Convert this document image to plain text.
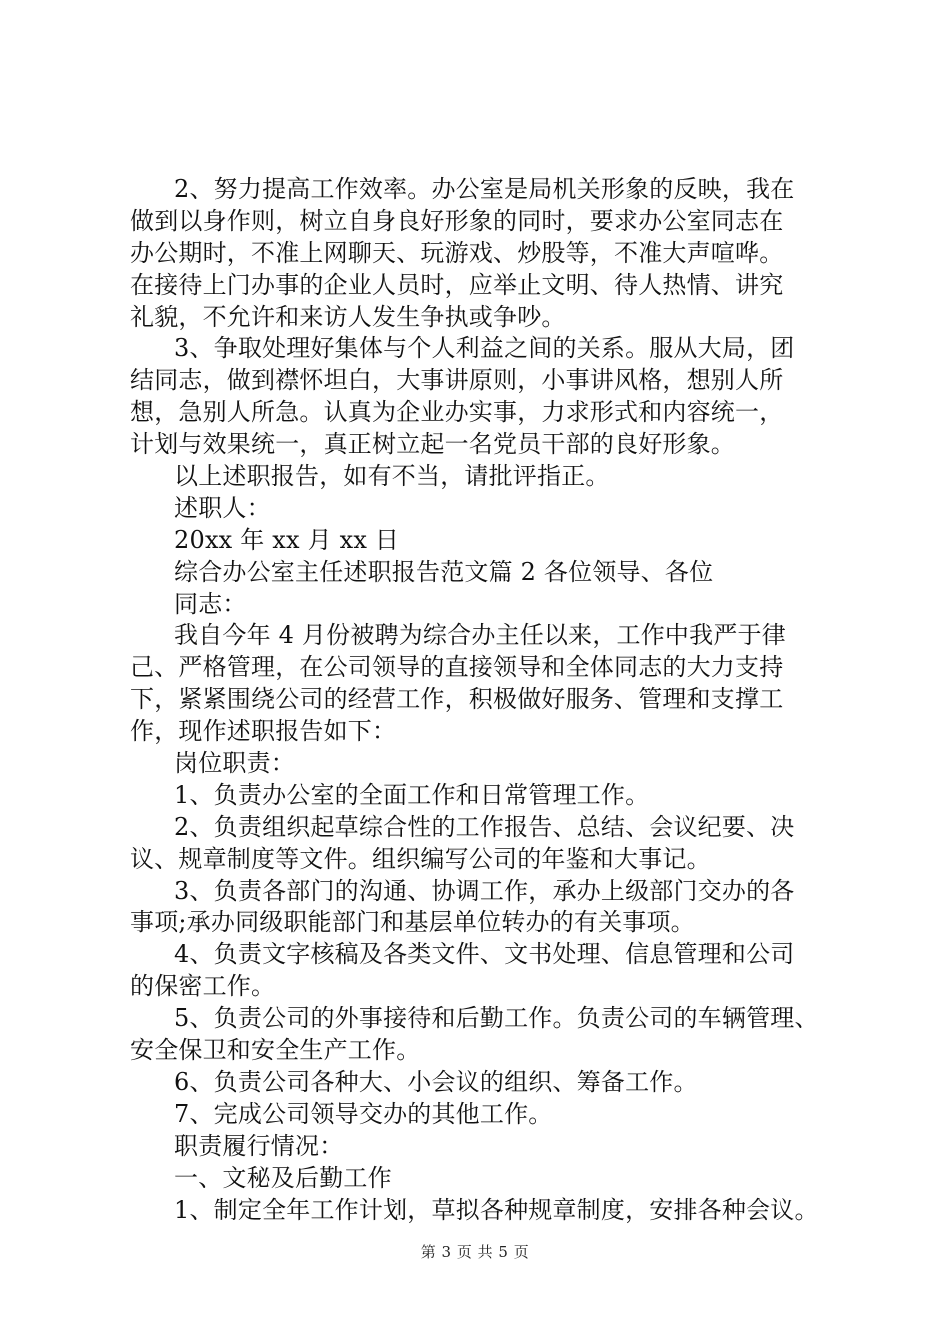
2、努力提高工作效率。办公室是局机关形象的反映，我在
做到以身作则，树立自身良好形象的同时，要求办公室同志在
办公期时，不准上网聊天、玩游戏、炒股等，不准大声喧哗。
在接待上门办事的企业人员时，应举止文明、待人热情、讲究
礼貌，不允许和来访人发生争执或争吵。
3、争取处理好集体与个人利益之间的关系。服从大局，团
结同志，做到襟怀坦白，大事讲原则，小事讲风格，想别人所
想，急别人所急。认真为企业办实事，力求形式和内容统一，
计划与效果统一，真正树立起一名党员干部的良好形象。
以上述职报告，如有不当，请批评指正。
述职人：
20xx 年 xx 月 xx 日
综合办公室主任述职报告范文篇 2 各位领导、各位
同志：
我自今年 4 月份被聘为综合办主任以来，工作中我严于律
己、严格管理，在公司领导的直接领导和全体同志的大力支持
下，紧紧围绕公司的经营工作，积极做好服务、管理和支撑工
作，现作述职报告如下：
岗位职责：
1、负责办公室的全面工作和日常管理工作。
2、负责组织起草综合性的工作报告、总结、会议纪要、决
议、规章制度等文件。组织编写公司的年鉴和大事记。
3、负责各部门的沟通、协调工作，承办上级部门交办的各
事项;承办同级职能部门和基层单位转办的有关事项。
4、负责文字核稿及各类文件、文书处理、信息管理和公司
的保密工作。
5、负责公司的外事接待和后勤工作。负责公司的车辆管理、
安全保卫和安全生产工作。
6、负责公司各种大、小会议的组织、筹备工作。
7、完成公司领导交办的其他工作。
职责履行情况：
一、文秘及后勤工作
1、制定全年工作计划，草拟各种规章制度，安排各种会议。
第 3 页 共 5 页
